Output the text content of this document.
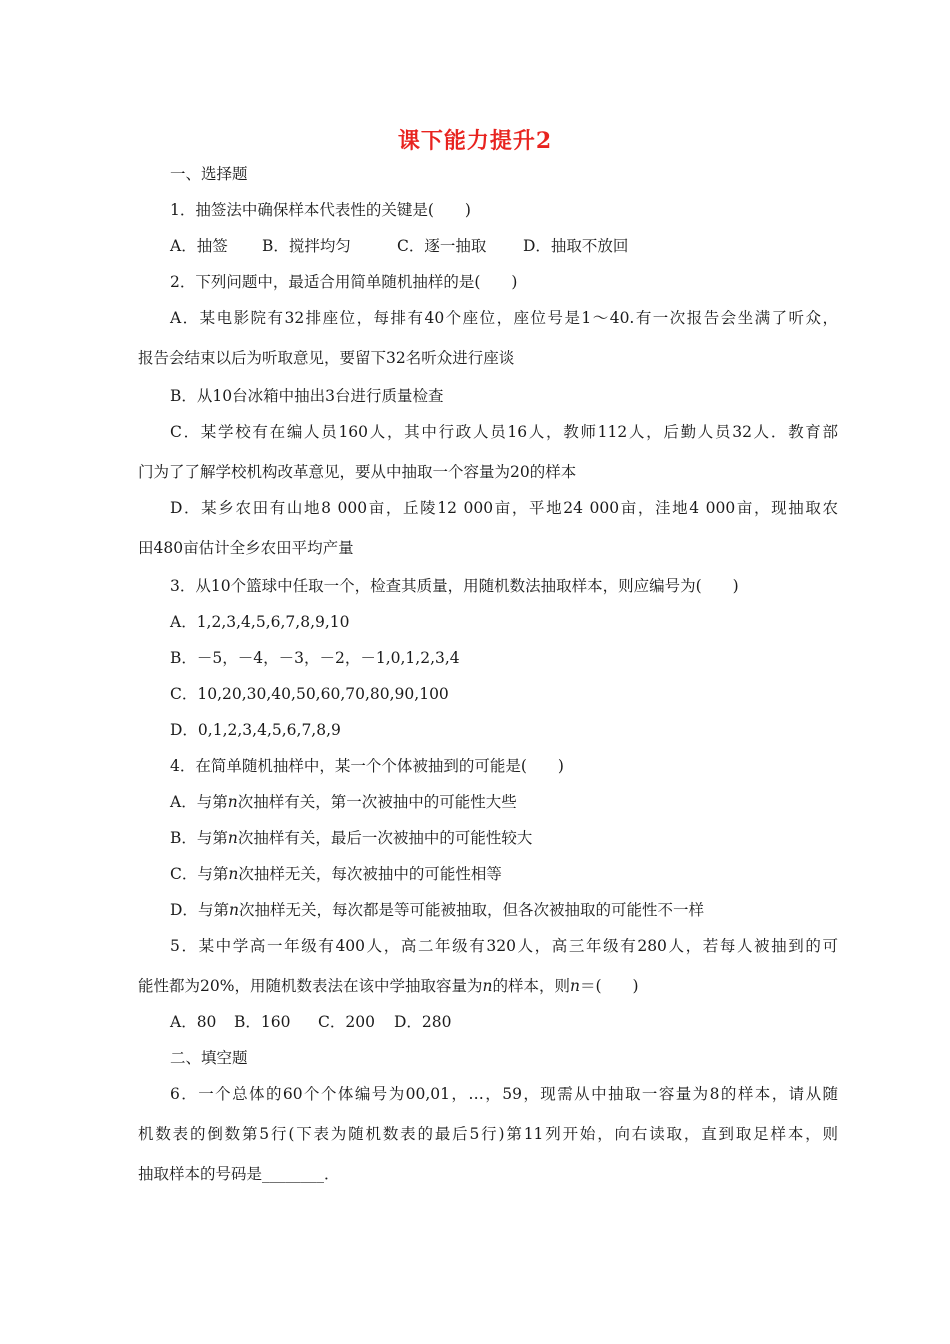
课下能力提升2
一、选择题
1．抽签法中确保样本代表性的关键是(　　)
A．抽签 B．搅拌均匀	C．逐一抽取 D．抽取不放回
2．下列问题中，最适合用简单随机抽样的是(　　)
A．某电影院有32排座位，每排有40个座位，座位号是1～40.有一次报告会坐满了听众，
报告会结束以后为听取意见，要留下32名听众进行座谈
B．从10台冰箱中抽出3台进行质量检查
C．某学校有在编人员160人，其中行政人员16人，教师112人，后勤人员32人．教育部
门为了了解学校机构改革意见，要从中抽取一个容量为20的样本
D．某乡农田有山地8 000亩，丘陵12 000亩，平地24 000亩，洼地4 000亩，现抽取农
田480亩估计全乡农田平均产量
3．从10个篮球中任取一个，检查其质量，用随机数法抽取样本，则应编号为(　　)
A．1,2,3,4,5,6,7,8,9,10
B．－5，－4，－3，－2，－1,0,1,2,3,4
C．10,20,30,40,50,60,70,80,90,100
D．0,1,2,3,4,5,6,7,8,9
4．在简单随机抽样中，某一个个体被抽到的可能是(　　)
A．与第n次抽样有关，第一次被抽中的可能性大些
B．与第n次抽样有关，最后一次被抽中的可能性较大
C．与第n次抽样无关，每次被抽中的可能性相等
D．与第n次抽样无关，每次都是等可能被抽取，但各次被抽取的可能性不一样
5．某中学高一年级有400人，高二年级有320人，高三年级有280人，若每人被抽到的可
能性都为20%，用随机数表法在该中学抽取容量为n的样本，则n＝(　　)
A．80 B．160 C．200 D．280
二、填空题
6．一个总体的60个个体编号为00,01，…，59，现需从中抽取一容量为8的样本，请从随
机数表的倒数第5行(下表为随机数表的最后5行)第11列开始，向右读取，直到取足样本，则
抽取样本的号码是________．
